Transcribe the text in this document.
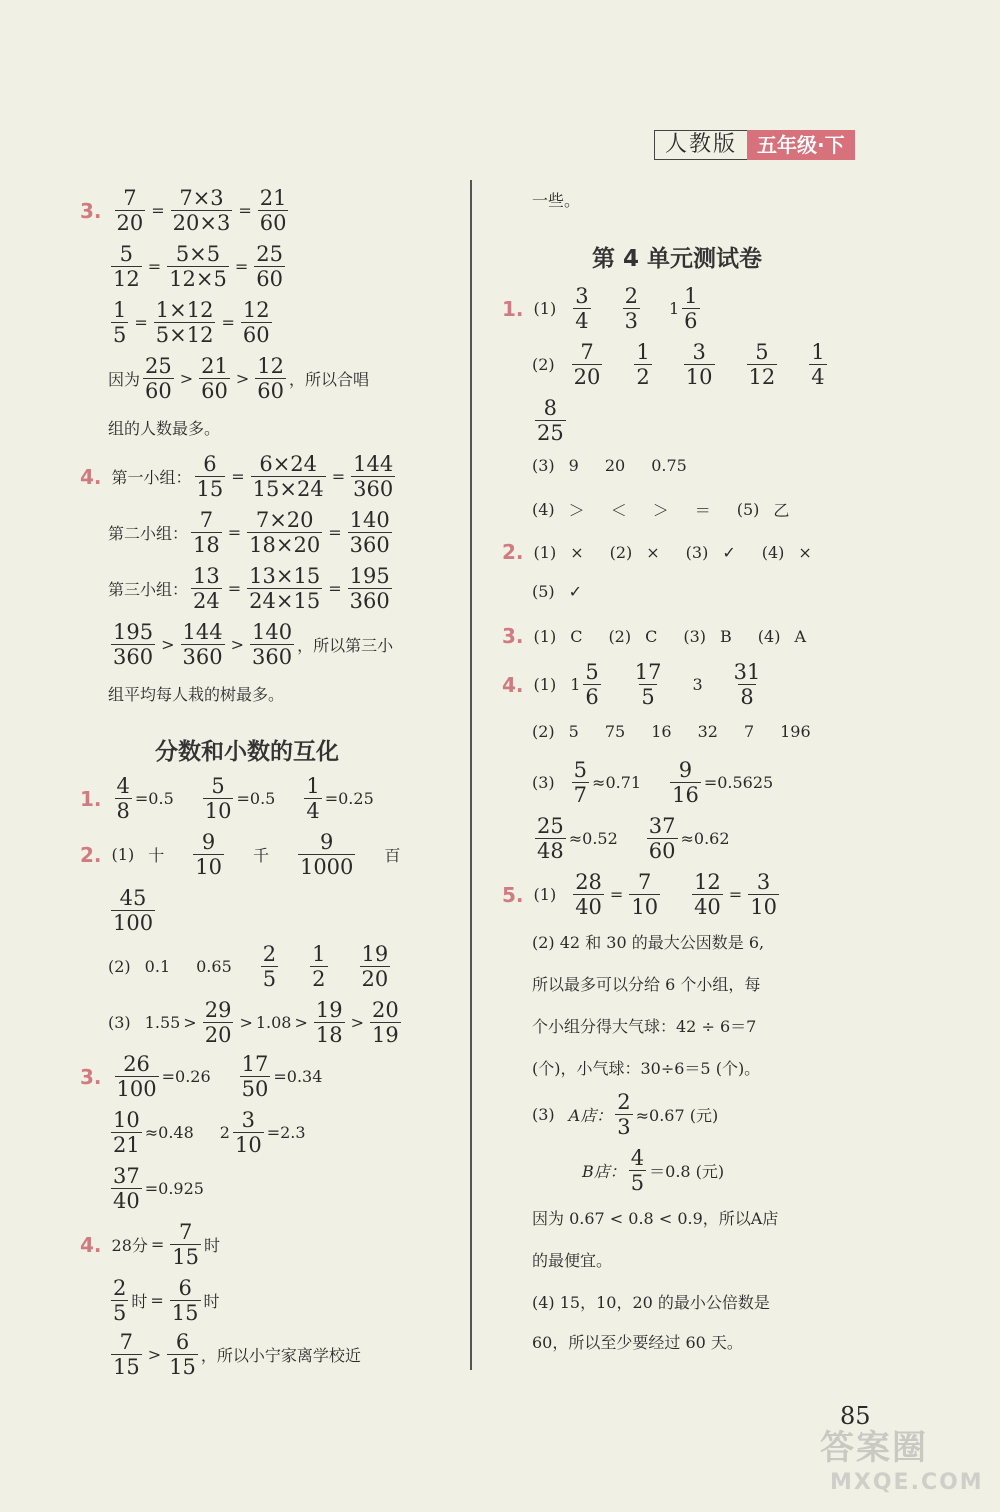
人教版	五年级·下
3. $\frac{7}{20} = \frac{7\times 3}{20\times 3} = \frac{21}{60}$
$\frac{5}{12} = \frac{5\times 5}{12\times 5} = \frac{25}{60}$
$\frac{1}{5} = \frac{1\times 12}{5\times 12} = \frac{12}{60}$
因为 $\frac{25}{60} > \frac{21}{60} > \frac{12}{60}$ ，所以合唱
组的人数最多。
4. 第一小组： $\frac{6}{15} = \frac{6\times 24}{15\times 24} = \frac{144}{360}$
第二小组： $\frac{7}{18} = \frac{7\times 20}{18\times 20} = \frac{140}{360}$
第三小组： $\frac{13}{24} = \frac{13\times 15}{24\times 15} = \frac{195}{360}$
$\frac{195}{360} > \frac{144}{360} > \frac{140}{360}$ ，所以第三小
组平均每人栽的树最多。
分数和小数的互化
1. $\frac{4}{8} = 0.5 \frac{5}{10} = 0.5 \frac{1}{4} = 0.25$
2. (1) 十 $\frac{9}{10}$ 千 $\frac{9}{1000}$ 百
$\frac{45}{100}$
(2) 0.1 $0.65 \frac{2}{5} \frac{1}{2} \frac{19}{20}$
(3) $1.55 > \frac{29}{20} > 1.08 > \frac{19}{18} > \frac{20}{19}$
3. $\frac{26}{100} =0.26 \frac{17}{50} =0.34$
$\frac{10}{21} \approx 0.48$ $2 \frac{3}{10} =2.3$
$\frac{37}{40} =0.925$
4. 28分 = $\frac{7}{15}$ 时
$\frac{2}{5}$ 时 = $\frac{6}{15}$ 时
$\frac{7}{15} > \frac{6}{15}$ ，所以小宁家离学校近
一些。
第 4 单元测试卷
1. $(1) \frac{3}{4} \frac{2}{3} 1 \frac{1}{6}$
$(2) \frac{7}{20} \frac{1}{2} \frac{3}{10} \frac{5}{12} \frac{1}{4}$
$\frac{8}{25}$
(3) 9 20 0.75
(4) ＞ ＜ ＞ ＝ (5) 乙
2. (1) × (2) × (3) ✓ (4) ×
(5) ✓
3. (1) C (2) C (3) B (4) A
4. (1) $1 \frac{5}{6} \frac{17}{5} 3 \frac{31}{8}$
(2) 5 75 16 32 7 196
$(3) \frac{5}{7} \approx 0.71 \frac{9}{16} =0.5625$
$\frac{25}{48} \approx 0.52 \frac{37}{60} \approx 0.62$
5. $(1) \frac{28}{40} = \frac{7}{10} \frac{12}{40} = \frac{3}{10}$
(2) 42 和 30 的最大公因数是 6,
所以最多可以分给 6 个小组，每
个小组分得大气球：42 ÷ 6＝7
(个)，小气球：30÷6＝5 (个)。
(3) A店： $\frac{2}{3} \approx 0.67$ (元)
B店： $\frac{4}{5} =0.8$ (元)
因为 0.67 < 0.8 < 0.9，所以A店
的最便宜。
(4) 15，10，20 的最小公倍数是
60，所以至少要经过 60 天。
85
答案圈
MXQE.COM
